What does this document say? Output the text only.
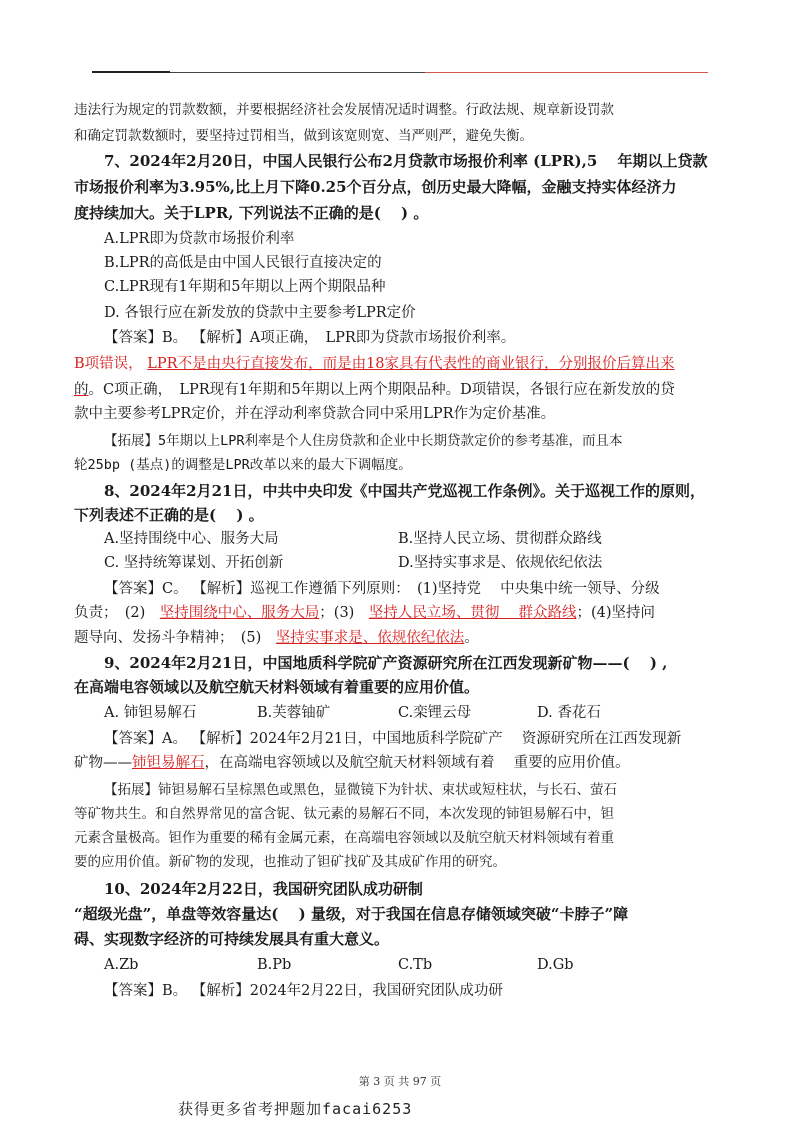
违法行为规定的罚款数额，并要根据经济社会发展情况适时调整。行政法规、规章新设罚款
和确定罚款数额时，要坚持过罚相当，做到该宽则宽、当严则严，避免失衡。
7、2024年2月20日，中国人民银行公布2月贷款市场报价利率 (LPR),5　 年期以上贷款
市场报价利率为3.95%,比上月下降0.25个百分点，创历史最大降幅，金融支持实体经济力
度持续加大。关于LPR, 下列说法不正确的是(　 ) 。
A.LPR即为贷款市场报价利率
B.LPR的高低是由中国人民银行直接决定的
C.LPR现有1年期和5年期以上两个期限品种
D. 各银行应在新发放的贷款中主要参考LPR定价
【答案】B。 【解析】A项正确，　LPR即为贷款市场报价利率。
B项错误， LPR不是由央行直接发布，而是由18家具有代表性的商业银行，分别报价后算出来
的。C项正确，　LPR现有1年期和5年期以上两个期限品种。D项错误，各银行应在新发放的贷
款中主要参考LPR定价，并在浮动利率贷款合同中采用LPR作为定价基准。
【拓展】5年期以上LPR利率是个人住房贷款和企业中长期贷款定价的参考基准，而且本
轮25bp (基点)的调整是LPR改革以来的最大下调幅度。
8、2024年2月21日，中共中央印发《中国共产党巡视工作条例》。关于巡视工作的原则，
下列表述不正确的是(　 ) 。
A.坚持围绕中心、服务大局	B.坚持人民立场、贯彻群众路线
C. 坚持统筹谋划、开拓创新	D.坚持实事求是、依规依纪依法
【答案】C。 【解析】巡视工作遵循下列原则：　(1)坚持党　 中央集中统一领导、分级
负责；　(2)　坚持围绕中心、服务大局；(3)　坚持人民立场、贯彻　 群众路线；(4)坚持问
题导向、发扬斗争精神；　(5)　坚持实事求是、依规依纪依法。
9、2024年2月21日，中国地质科学院矿产资源研究所在江西发现新矿物——(　 ) ,
在高端电容领域以及航空航天材料领域有着重要的应用价值。
A. 铈钽易解石	B.芙蓉铀矿	C.栾锂云母	D. 香花石
【答案】A。 【解析】2024年2月21日，中国地质科学院矿产　 资源研究所在江西发现新
矿物——铈钽易解石，在高端电容领域以及航空航天材料领域有着　 重要的应用价值。
【拓展】铈钽易解石呈棕黑色或黑色，显微镜下为针状、束状或短柱状，与长石、萤石
等矿物共生。和自然界常见的富含铌、钛元素的易解石不同，本次发现的铈钽易解石中，钽
元素含量极高。钽作为重要的稀有金属元素，在高端电容领域以及航空航天材料领域有着重
要的应用价值。新矿物的发现，也推动了钽矿找矿及其成矿作用的研究。
10、2024年2月22日，我国研究团队成功研制
“超级光盘”，单盘等效容量达(　 ) 量级，对于我国在信息存储领域突破“卡脖子”障
碍、实现数字经济的可持续发展具有重大意义。
A.Zb	B.Pb	C.Tb	D.Gb
【答案】B。 【解析】2024年2月22日，我国研究团队成功研
第 3 页 共 97 页
获得更多省考押题加facai6253
